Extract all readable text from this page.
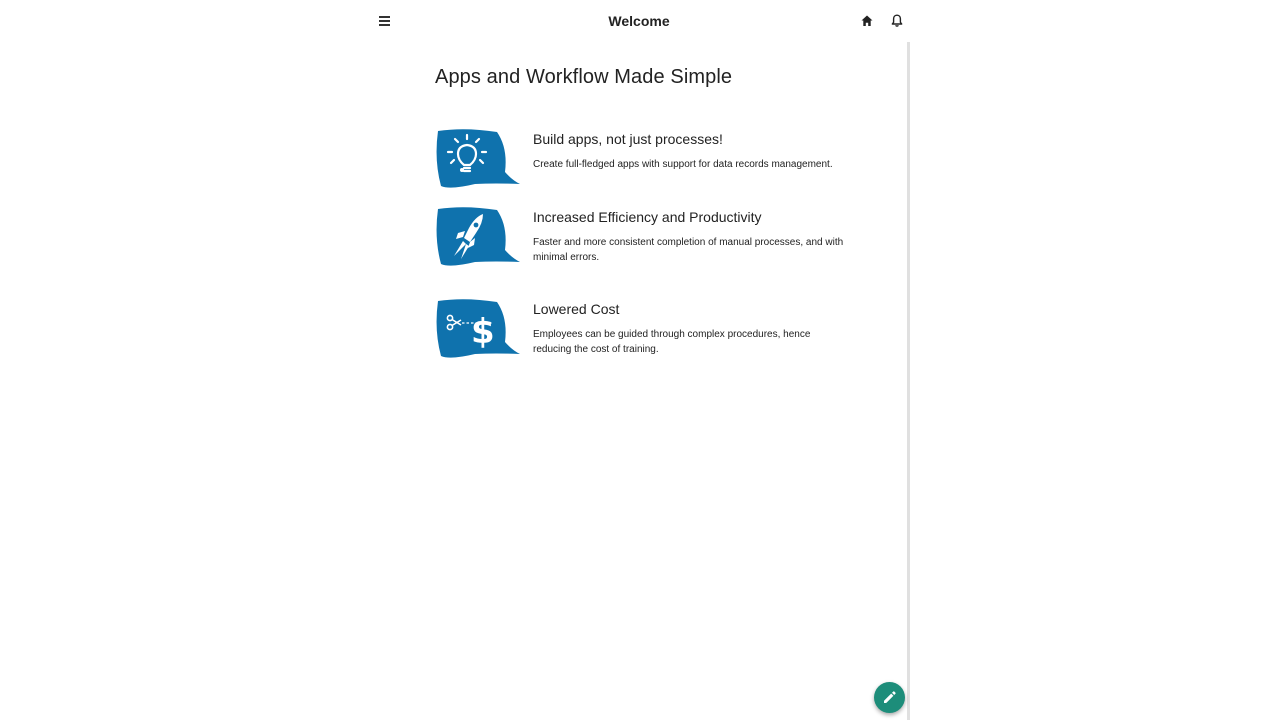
Welcome
Apps and Workflow Made Simple
Build apps, not just processes!
Create full-fledged apps with support for data records management.
Increased Efficiency and Productivity
Faster and more consistent completion of manual processes, and with minimal errors.
$
Lowered Cost
Employees can be guided through complex procedures, hence reducing the cost of training.
